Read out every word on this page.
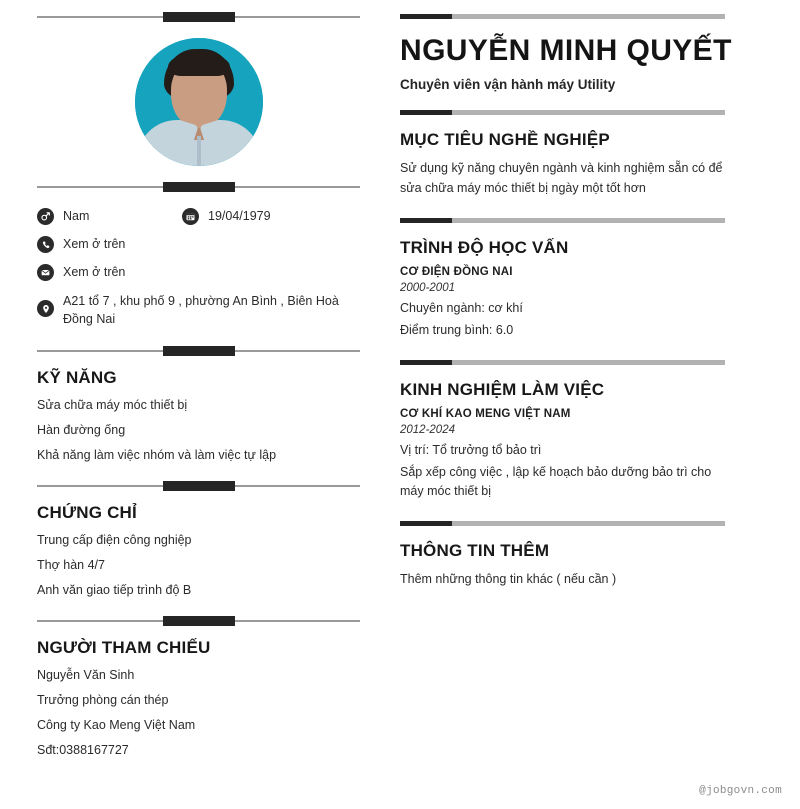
Nam	19/04/1979
Xem ở trên
Xem ở trên
A21 tổ 7 , khu phố 9 , phường An Bình , Biên Hoà Đồng Nai
KỸ NĂNG
Sửa chữa máy móc thiết bị
Hàn đường ống
Khả năng làm việc nhóm và làm việc tự lập
CHỨNG CHỈ
Trung cấp điện công nghiệp
Thợ hàn 4/7
Anh văn giao tiếp trình độ B
NGƯỜI THAM CHIẾU
Nguyễn Văn Sinh
Trưởng phòng cán thép
Công ty Kao Meng Việt Nam
Sđt:0388167727
NGUYỄN MINH QUYẾT
Chuyên viên vận hành máy Utility
MỤC TIÊU NGHỀ NGHIỆP

Sử dụng kỹ năng chuyên ngành và kinh nghiệm sẵn có để sửa chữa máy móc thiết bị ngày một tốt hơn

TRÌNH ĐỘ HỌC VẤN
CƠ ĐIỆN ĐỒNG NAI
2000-2001
Chuyên ngành: cơ khí
Điểm trung bình: 6.0
KINH NGHIỆM LÀM VIỆC
CƠ KHÍ KAO MENG VIỆT NAM
2012-2024
Vị trí: Tổ trưởng tổ bảo trì
Sắp xếp công việc , lập kế hoạch bảo dưỡng bảo trì cho máy móc thiết bị
THÔNG TIN THÊM

Thêm những thông tin khác ( nếu cần )

@jobgovn.com
